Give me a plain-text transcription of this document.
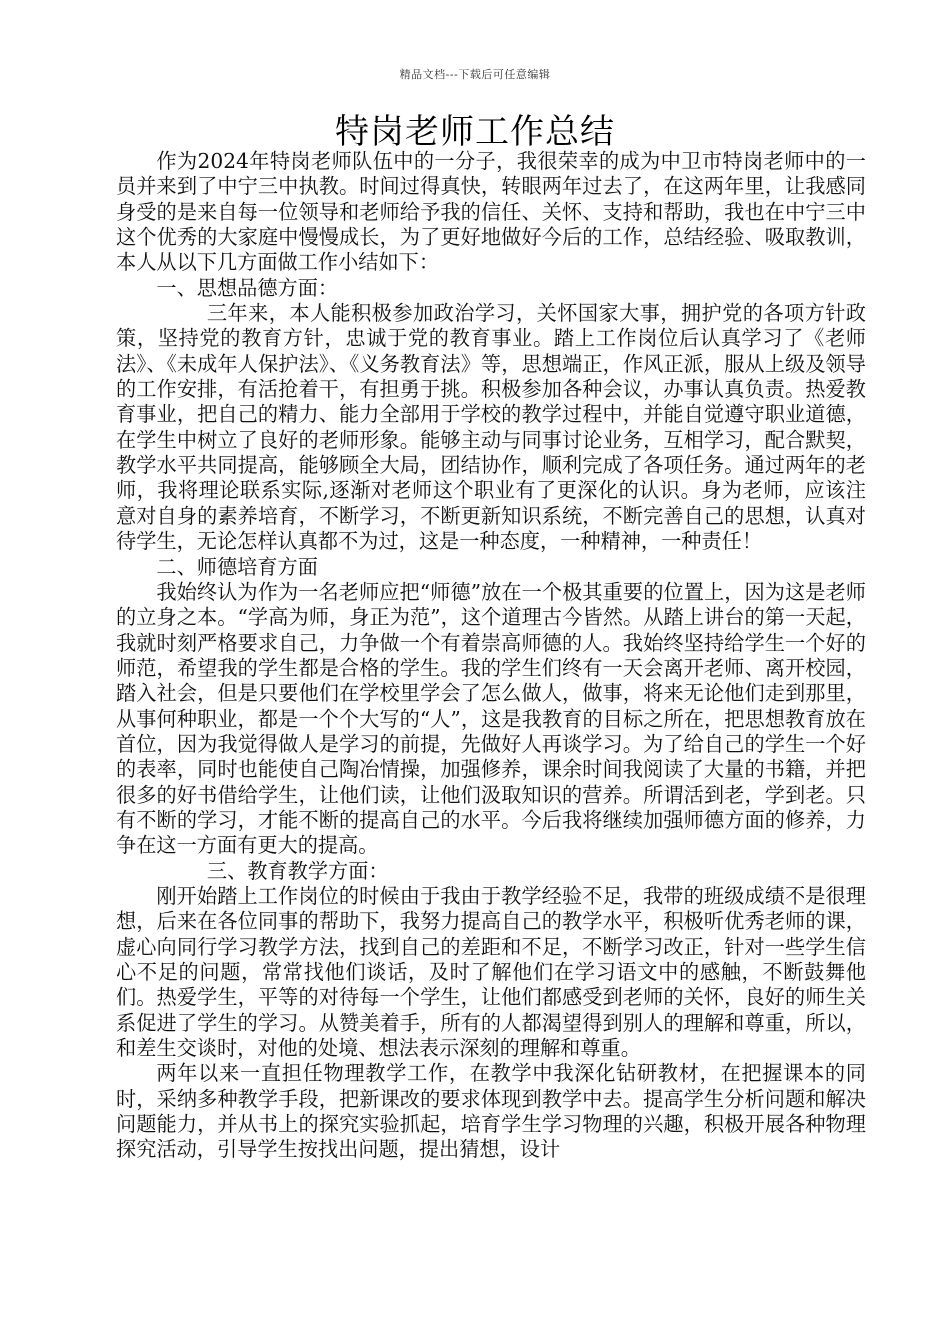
精品文档---下载后可任意编辑
特岗老师工作总结

作为2024年特岗老师队伍中的一分子，我很荣幸的成为中卫市特岗老师中的一员并来到了中宁三中执教。时间过得真快，转眼两年过去了，在这两年里，让我感同身受的是来自每一位领导和老师给予我的信任、关怀、支持和帮助，我也在中宁三中这个优秀的大家庭中慢慢成长，为了更好地做好今后的工作，总结经验、吸取教训，本人从以下几方面做工作小结如下：

一、思想品德方面：

三年来，本人能积极参加政治学习，关怀国家大事，拥护党的各项方针政策，坚持党的教育方针，忠诚于党的教育事业。踏上工作岗位后认真学习了《老师法》、《未成年人保护法》、《义务教育法》等，思想端正，作风正派，服从上级及领导的工作安排，有活抢着干，有担勇于挑。积极参加各种会议，办事认真负责。热爱教育事业，把自己的精力、能力全部用于学校的教学过程中，并能自觉遵守职业道德，在学生中树立了良好的老师形象。能够主动与同事讨论业务，互相学习，配合默契，教学水平共同提高，能够顾全大局，团结协作，顺利完成了各项任务。通过两年的老师，我将理论联系实际,逐渐对老师这个职业有了更深化的认识。身为老师，应该注意对自身的素养培育，不断学习，不断更新知识系统，不断完善自己的思想，认真对待学生，无论怎样认真都不为过，这是一种态度，一种精神，一种责任！

二、师德培育方面

我始终认为作为一名老师应把“师德”放在一个极其重要的位置上，因为这是老师的立身之本。“学高为师，身正为范”，这个道理古今皆然。从踏上讲台的第一天起，我就时刻严格要求自己，力争做一个有着崇高师德的人。我始终坚持给学生一个好的师范，希望我的学生都是合格的学生。我的学生们终有一天会离开老师、离开校园，踏入社会，但是只要他们在学校里学会了怎么做人，做事，将来无论他们走到那里，从事何种职业，都是一个个大写的“人”，这是我教育的目标之所在，把思想教育放在首位，因为我觉得做人是学习的前提，先做好人再谈学习。为了给自己的学生一个好的表率，同时也能使自己陶冶情操，加强修养，课余时间我阅读了大量的书籍，并把很多的好书借给学生，让他们读，让他们汲取知识的营养。所谓活到老，学到老。只有不断的学习，才能不断的提高自己的水平。今后我将继续加强师德方面的修养，力争在这一方面有更大的提高。

三、教育教学方面：

刚开始踏上工作岗位的时候由于我由于教学经验不足，我带的班级成绩不是很理想，后来在各位同事的帮助下，我努力提高自己的教学水平，积极听优秀老师的课，虚心向同行学习教学方法，找到自己的差距和不足，不断学习改正，针对一些学生信心不足的问题，常常找他们谈话，及时了解他们在学习语文中的感触，不断鼓舞他们。热爱学生，平等的对待每一个学生，让他们都感受到老师的关怀，良好的师生关系促进了学生的学习。从赞美着手，所有的人都渴望得到别人的理解和尊重，所以，和差生交谈时，对他的处境、想法表示深刻的理解和尊重。

两年以来一直担任物理教学工作，在教学中我深化钻研教材，在把握课本的同时，采纳多种教学手段，把新课改的要求体现到教学中去。提高学生分析问题和解决问题能力，并从书上的探究实验抓起，培育学生学习物理的兴趣，积极开展各种物理探究活动，引导学生按找出问题，提出猜想，设计
